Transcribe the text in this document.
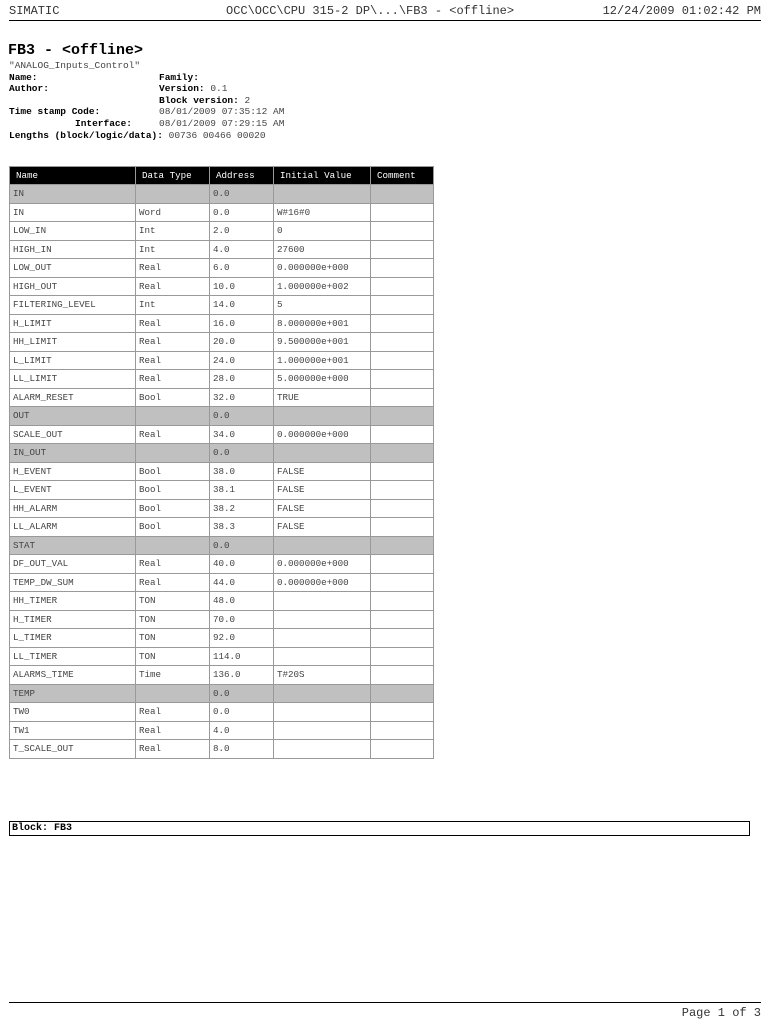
SIMATIC	OCC\OCC\CPU 315-2 DP\...\FB3 - <offline>	12/24/2009 01:02:42 PM
FB3 - <offline>
"ANALOG_Inputs_Control"
Name:	Family:
Author:	Version: 0.1
Block version: 2
Time stamp Code:	08/01/2009 07:35:12 AM
Interface:	08/01/2009 07:29:15 AM
Lengths (block/logic/data): 00736 00466 00020
Name	Data Type	Address	Initial Value	Comment
IN		0.0		
IN	Word	0.0	W#16#0	
LOW_IN	Int	2.0	0	
HIGH_IN	Int	4.0	27600	
LOW_OUT	Real	6.0	0.000000e+000	
HIGH_OUT	Real	10.0	1.000000e+002	
FILTERING_LEVEL	Int	14.0	5	
H_LIMIT	Real	16.0	8.000000e+001	
HH_LIMIT	Real	20.0	9.500000e+001	
L_LIMIT	Real	24.0	1.000000e+001	
LL_LIMIT	Real	28.0	5.000000e+000	
ALARM_RESET	Bool	32.0	TRUE	
OUT		0.0		
SCALE_OUT	Real	34.0	0.000000e+000	
IN_OUT		0.0		
H_EVENT	Bool	38.0	FALSE	
L_EVENT	Bool	38.1	FALSE	
HH_ALARM	Bool	38.2	FALSE	
LL_ALARM	Bool	38.3	FALSE	
STAT		0.0		
DF_OUT_VAL	Real	40.0	0.000000e+000	
TEMP_DW_SUM	Real	44.0	0.000000e+000	
HH_TIMER	TON	48.0		
H_TIMER	TON	70.0		
L_TIMER	TON	92.0		
LL_TIMER	TON	114.0		
ALARMS_TIME	Time	136.0	T#20S	
TEMP		0.0		
TW0	Real	0.0		
TW1	Real	4.0		
T_SCALE_OUT	Real	8.0		
Block: FB3
Page 1 of 3
